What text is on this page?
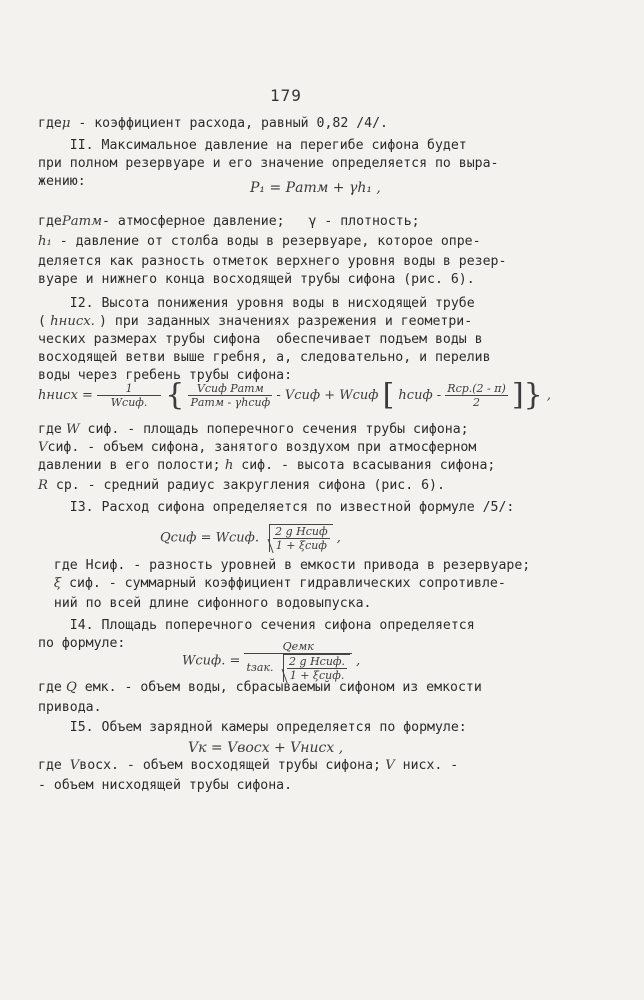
179
гдеμ - коэффициент расхода, равный 0,82 /4/.
II. Максимальное давление на перегибе сифона будет
при полном резервуаре и его значение определяется по выра-
жению:
гдеPатм- атмосферное давление;   γ - плотность;
h₁ - давление от столба воды в резервуаре, которое опре-
деляется как разность отметок верхнего уровня воды в резер-
вуаре и нижнего конца восходящей трубы сифона (рис. 6).
I2. Высота понижения уровня воды в нисходящей трубе
( hнисх. ) при заданных значениях разрежения и геометри-
ческих размерах трубы сифона  обеспечивает подъем воды в
восходящей ветви выше гребня, а, следовательно, и перелив
воды через гребень трубы сифона:
где W сиф. - площадь поперечного сечения трубы сифона;
Vсиф. - объем сифона, занятого воздухом при атмосферном
давлении в его полости; h сиф. - высота всасывания сифона;
R ср. - средний радиус закругления сифона (рис. 6).
I3. Расход сифона определяется по известной формуле /5/:
где Нсиф. - разность уровней в емкости привода в резервуаре;
ξ сиф. - суммарный коэффициент гидравлических сопротивле-
ний по всей длине сифонного водовыпуска.
I4. Площадь поперечного сечения сифона определяется
по формуле:
где Q емк. - объем воды, сбрасываемый сифоном из емкости
привода.
I5. Объем зарядной камеры определяется по формуле:
где Vвосх. - объем восходящей трубы сифона; V нисх. -
- объем нисходящей трубы сифона.
P₁ = Pатм + γh₁ ,
hнисх = $\frac{1}{\text{Wсиф.}}$ { $\frac{\text{Vсиф Pатм}}{\text{Pатм - γhсиф}}$ - Vсиф + Wсиф [ hсиф - $\frac{\text{Rср.(2 - π)}}{2}$ ]} ,
Qсиф = Wсиф. $\frac{\text{2 g Hсиф}}{\text{1 + ξсиф}}$ ,
Wсиф. =
Qемк
tзак. $\frac{\text{2 g Hсиф.}}{\text{1 + ξсиф.}}$ ,
Vк = Vвосх + Vнисх ,
